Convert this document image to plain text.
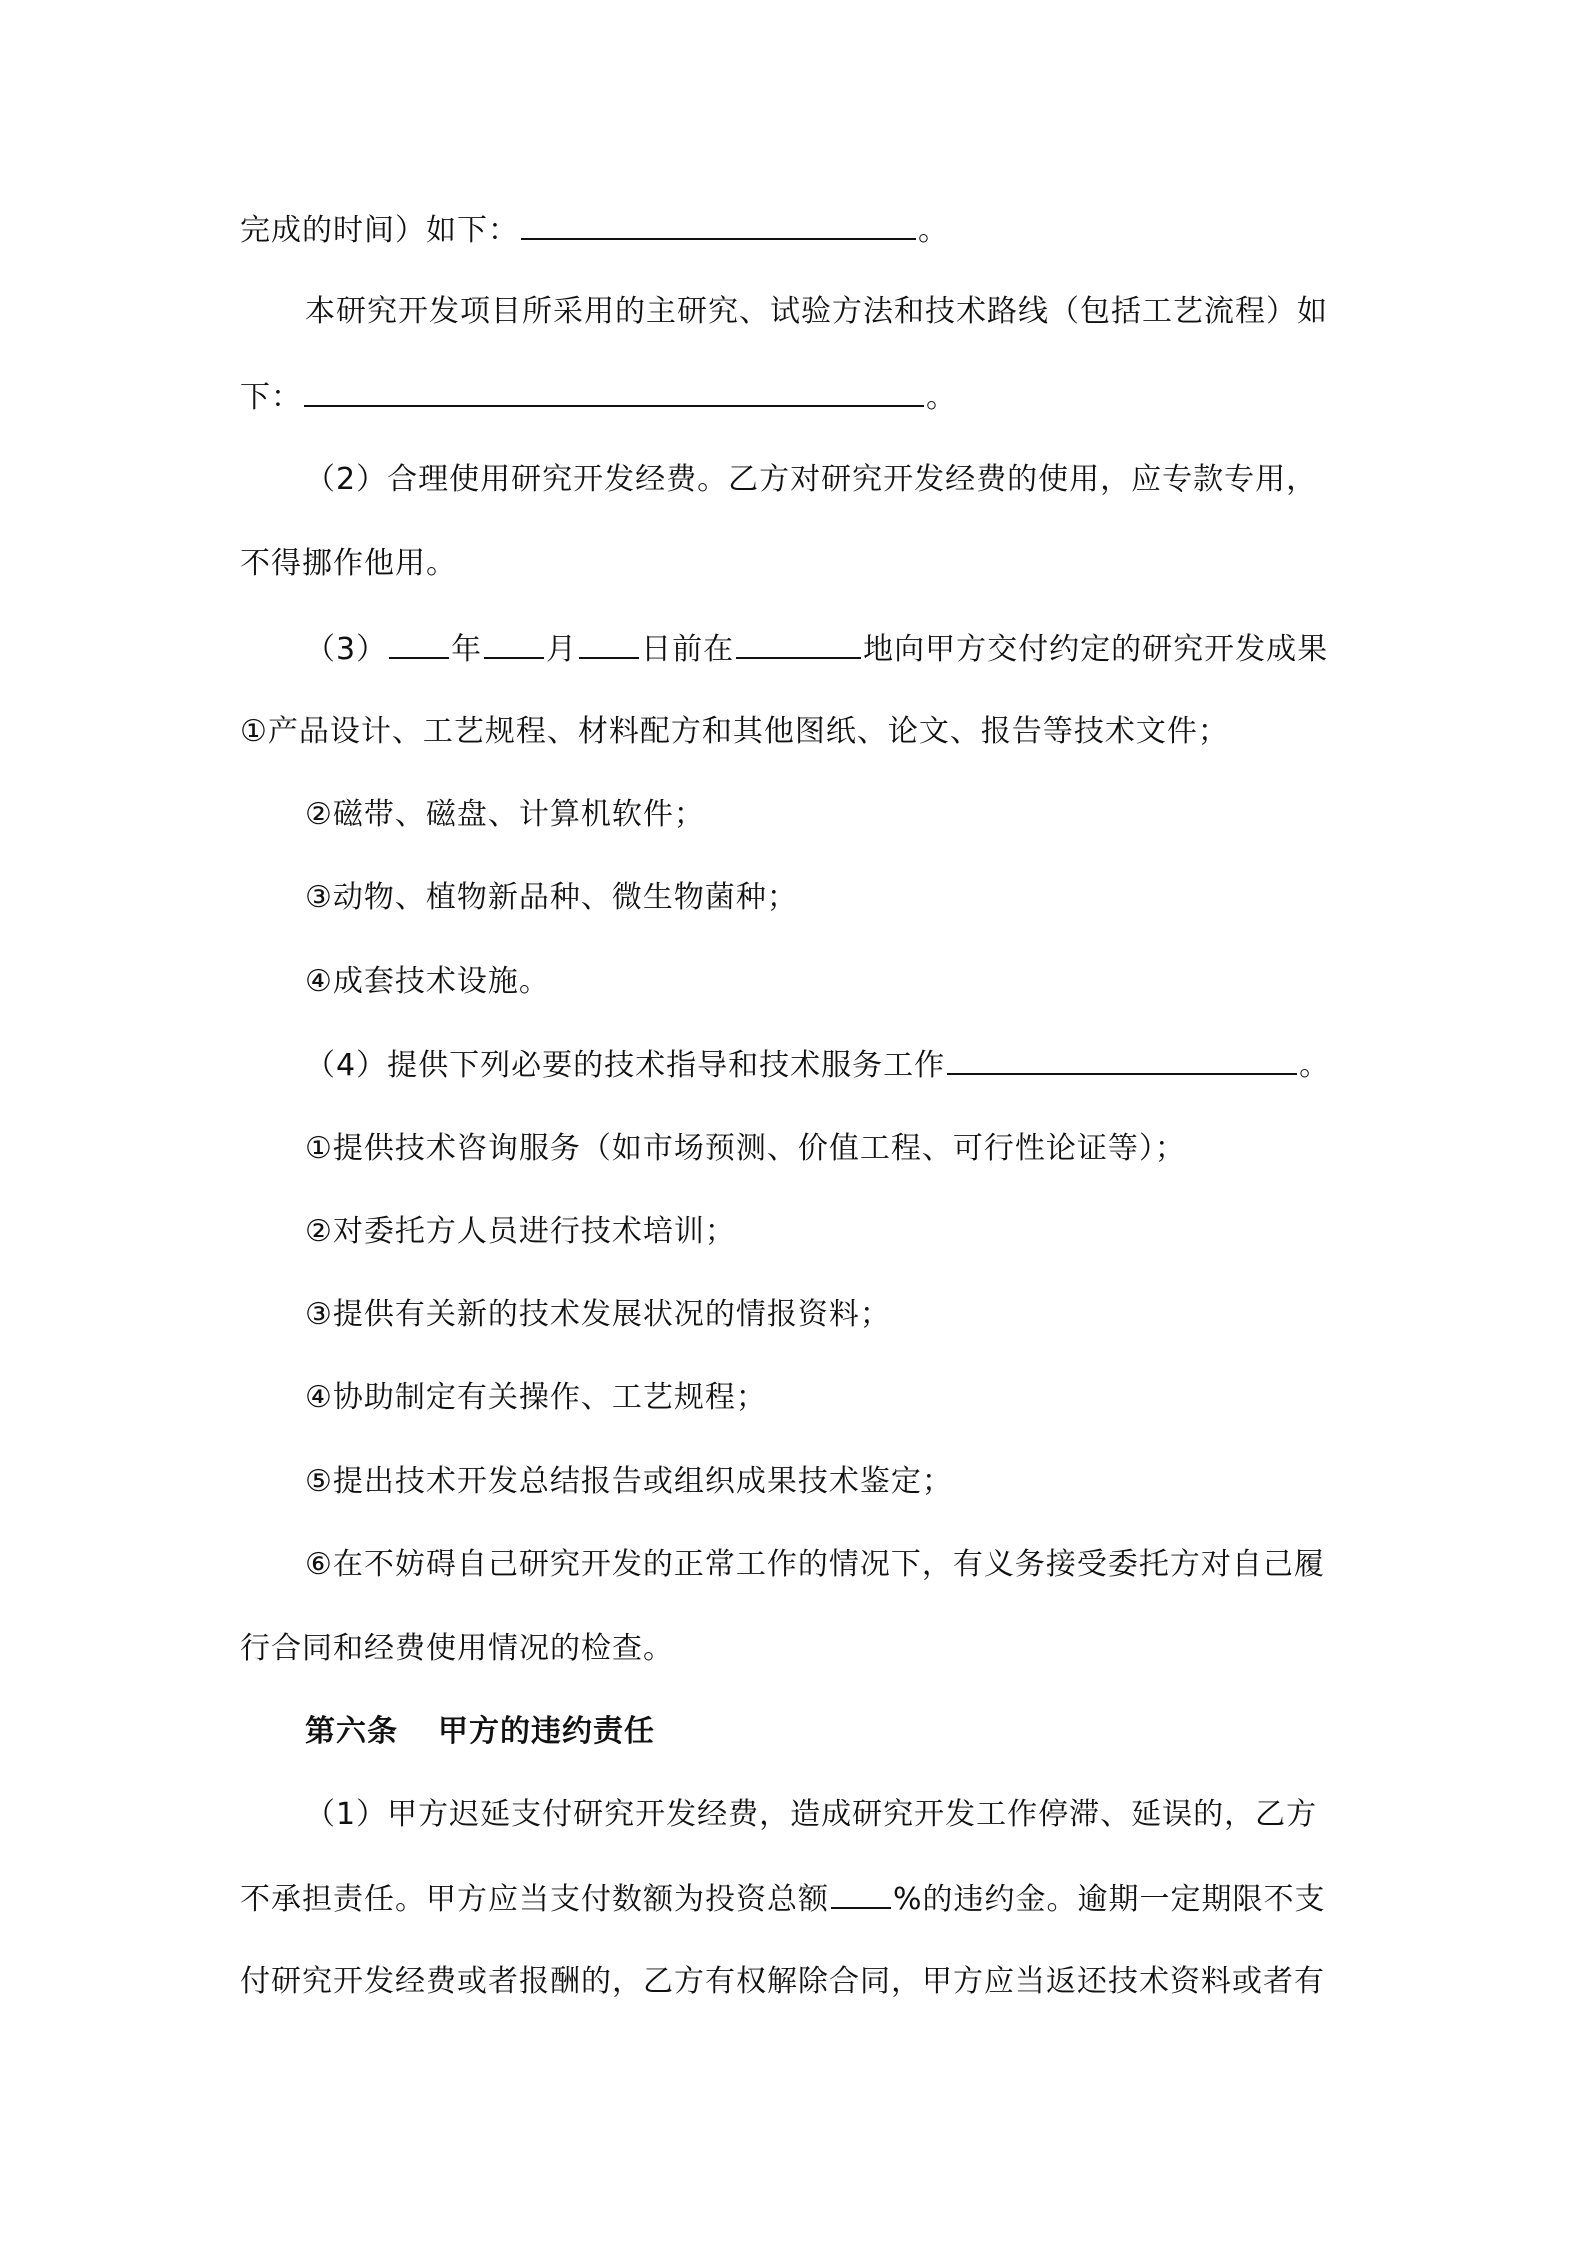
完成的时间）如下：	。
本研究开发项目所采用的主研究、试验方法和技术路线（包括工艺流程）如
下：	。
（2）合理使用研究开发经费。乙方对研究开发经费的使用，应专款专用，
不得挪作他用。
（3） 年 月 日前在	地向甲方交付约定的研究开发成果
①产品设计、工艺规程、材料配方和其他图纸、论文、报告等技术文件；
②磁带、磁盘、计算机软件；
③动物、植物新品种、微生物菌种；
④成套技术设施。
（4）提供下列必要的技术指导和技术服务工作	。
①提供技术咨询服务（如市场预测、价值工程、可行性论证等）；
②对委托方人员进行技术培训；
③提供有关新的技术发展状况的情报资料；
④协助制定有关操作、工艺规程；
⑤提出技术开发总结报告或组织成果技术鉴定；
⑥在不妨碍自己研究开发的正常工作的情况下，有义务接受委托方对自己履
行合同和经费使用情况的检查。
第六条 甲方的违约责任
（1）甲方迟延支付研究开发经费，造成研究开发工作停滞、延误的，乙方
不承担责任。甲方应当支付数额为投资总额 %的违约金。逾期一定期限不支
付研究开发经费或者报酬的，乙方有权解除合同，甲方应当返还技术资料或者有
